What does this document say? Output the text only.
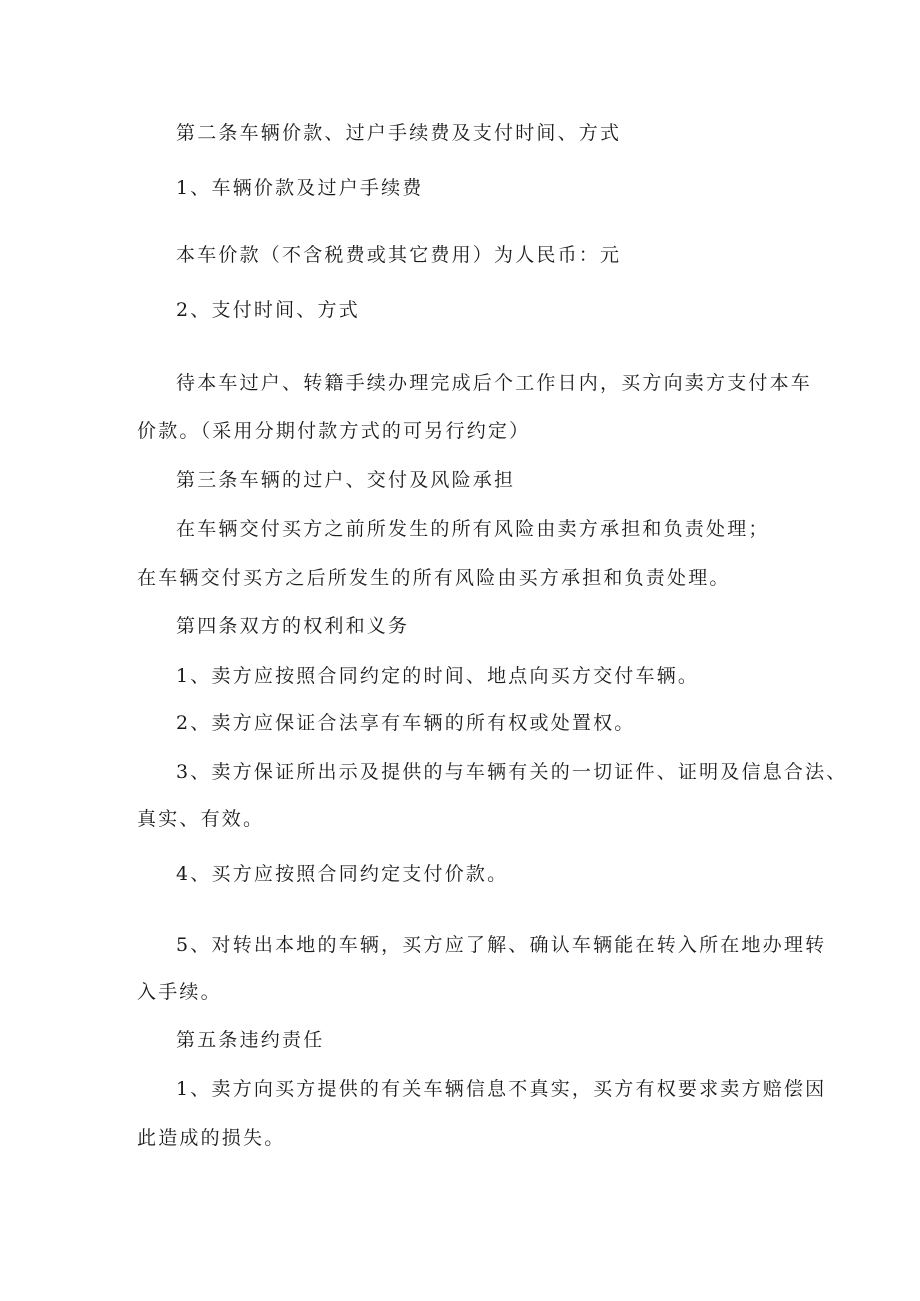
第二条车辆价款、过户手续费及支付时间、方式
1、车辆价款及过户手续费
本车价款（不含税费或其它费用）为人民币：元
2、支付时间、方式
待本车过户、转籍手续办理完成后个工作日内，买方向卖方支付本车
价款。（采用分期付款方式的可另行约定）
第三条车辆的过户、交付及风险承担
在车辆交付买方之前所发生的所有风险由卖方承担和负责处理；
在车辆交付买方之后所发生的所有风险由买方承担和负责处理。
第四条双方的权利和义务
1、卖方应按照合同约定的时间、地点向买方交付车辆。
2、卖方应保证合法享有车辆的所有权或处置权。
3、卖方保证所出示及提供的与车辆有关的一切证件、证明及信息合法、
真实、有效。
4、买方应按照合同约定支付价款。
5、对转出本地的车辆，买方应了解、确认车辆能在转入所在地办理转
入手续。
第五条违约责任
1、卖方向买方提供的有关车辆信息不真实，买方有权要求卖方赔偿因
此造成的损失。
